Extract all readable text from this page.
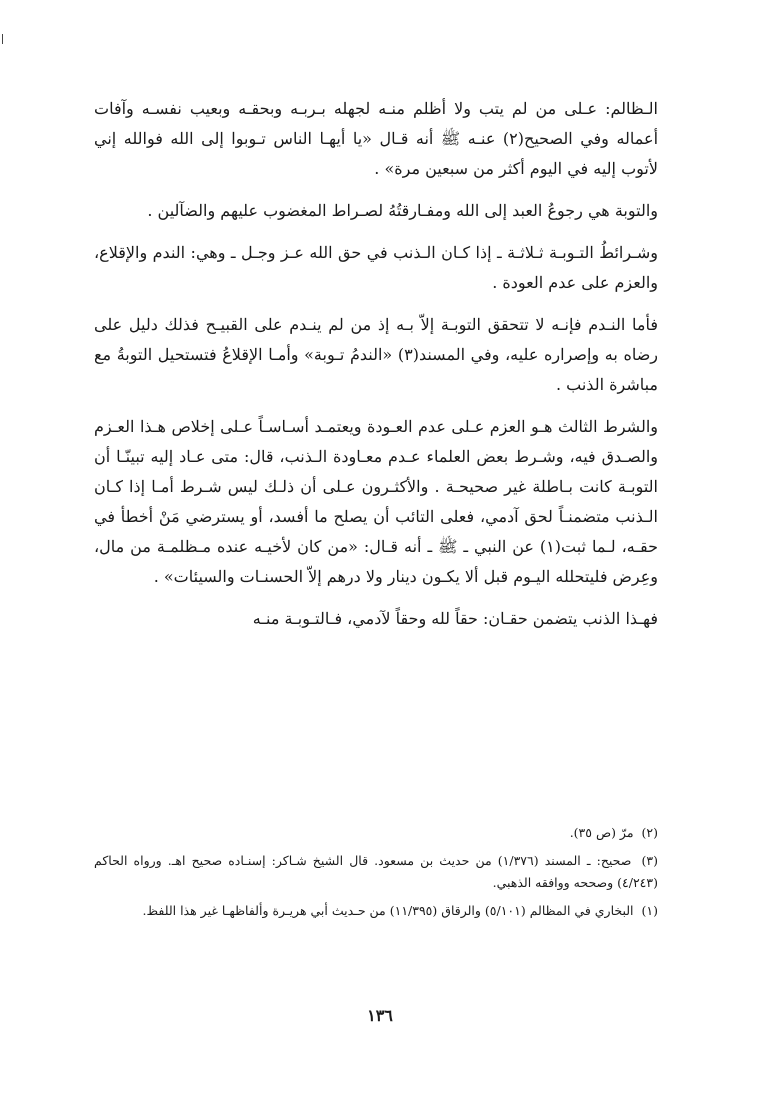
الـظالم: عـلى من لم يتب ولا أظلم منـه لجهله بـربـه وبحقـه وبعيب نفسـه وآفات أعماله وفي الصحيح(٢) عنـه ﷺ أنه قـال «يا أيهـا الناس تـوبوا إلى الله فوالله إني لأتوب إليه في اليوم أكثر من سبعين مرة» .

والتوبة هي رجوعُ العبد إلى الله ومفـارقتُهُ لصـراط المغضوب عليهم والضآلين .

وشـرائطُ التـوبـة ثـلاثـة ـ إذا كـان الـذنب في حق الله عـز وجـل ـ وهي: الندم والإقلاع، والعزم على عدم العودة .

فأما النـدم فإنـه لا تتحقق التوبـة إلاّ بـه إذ من لم ينـدم على القبيـح فذلك دليل على رضاه به وإصراره عليه، وفي المسند(٣) «الندمُ تـوبة» وأمـا الإقلاعُ فتستحيل التوبةُ مع مباشرة الذنب .

والشرط الثالث هـو العزم عـلى عدم العـودة ويعتمـد أسـاسـاً عـلى إخلاص هـذا العـزم والصـدق فيه، وشـرط بعض العلماء عـدم معـاودة الـذنب، قال: متى عـاد إليه تبينّـا أن التوبـة كانت بـاطلة غير صحيحـة . والأكثـرون عـلى أن ذلـك ليس شـرط أمـا إذا كـان الـذنب متضمنـاً لحق آدمي، فعلى التائب أن يصلح ما أفسد، أو يسترضي مَنْ أخطأ في حقـه، لـما ثبت(١) عن النبي ـ ﷺ ـ أنه قـال: «من كان لأخيـه عنده مـظلمـة من مال، وعِرض فليتحلله اليـوم قبل ألا يكـون دينار ولا درهم إلاّ الحسنـات والسيئات» .

فهـذا الذنب يتضمن حقـان: حقاً لله وحقاً لآدمي، فـالتـوبـة منـه

(٢) مرّ (ص ٣٥).

(٣) صحيح: ـ المسند (١/٣٧٦) من حديث بن مسعود. قال الشيخ شـاكر: إسنـاده صحيح اهـ. ورواه الحاكم (٤/٢٤٣) وصححه ووافقه الذهبي.

(١) البخاري في المظالم (٥/١٠١) والرقاق (١١/٣٩٥) من حـديث أبي هريـرة وألفاظهـا غير هذا اللفظ.

١٣٦
